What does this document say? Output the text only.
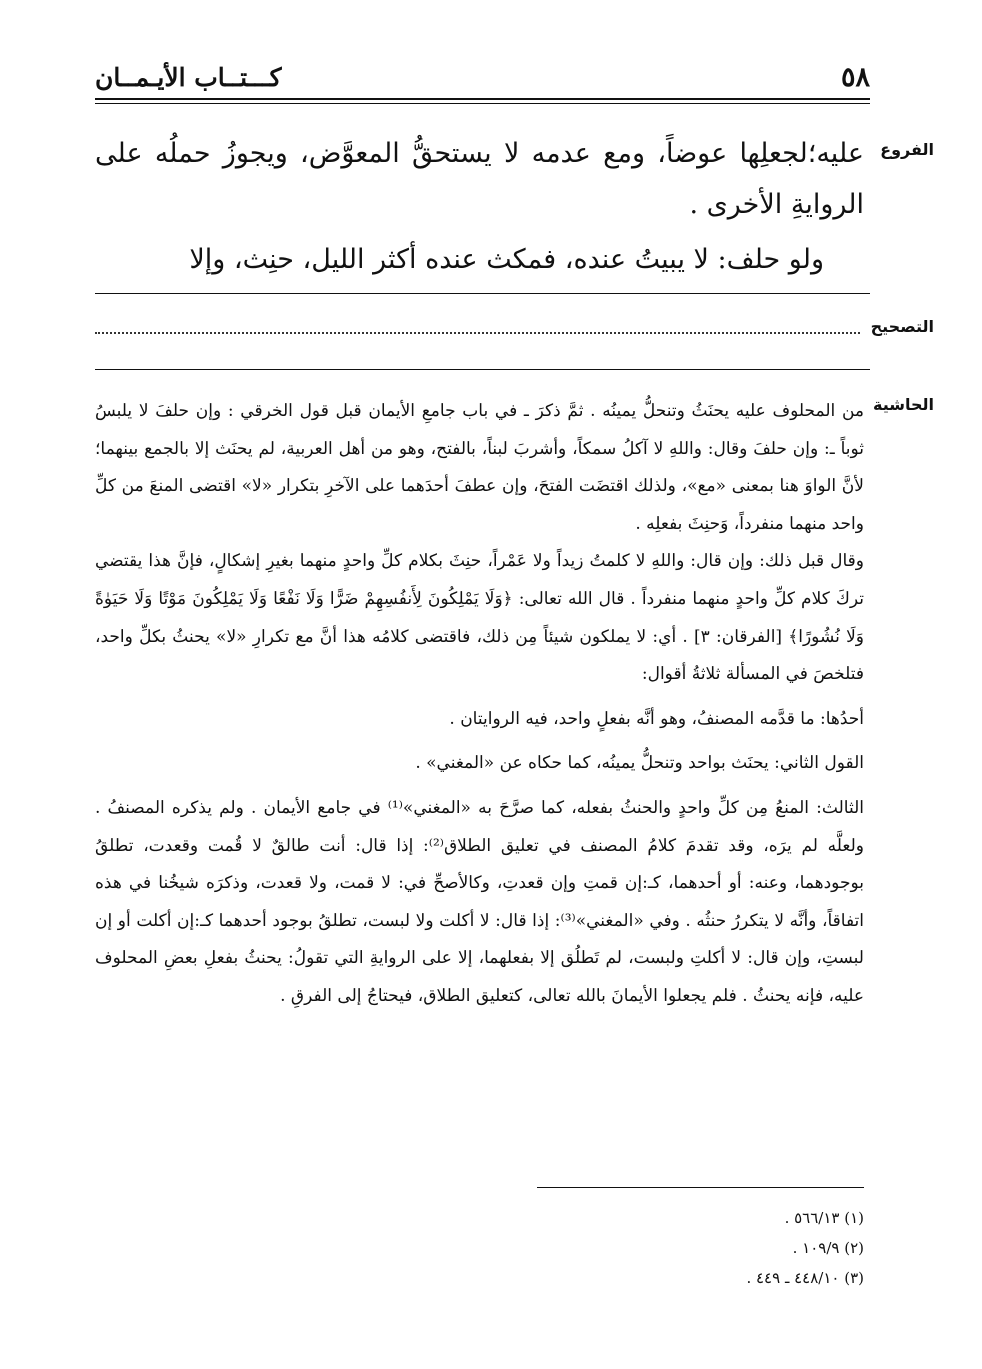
٥٨
كـــتــاب الأيـمــان
الفروع

عليه؛لجعلِها عوضاً، ومع عدمه لا يستحقُّ المعوَّض، ويجوزُ حملُه على الروايةِ الأخرى .

ولو حلف: لا يبيتُ عنده، فمكث عنده أكثر الليل، حنِث، وإلا

التصحيح
الحاشية

من المحلوف عليه يحنَثُ وتنحلُّ يمينُه . ثمَّ ذكرَ ـ في باب جامعِ الأيمان قبل قول الخرقي : وإن حلفَ لا يلبسُ ثوباً ـ: وإن حلفَ وقال: واللهِ لا آكلُ سمكاً، وأشربَ لبناً، بالفتح، وهو من أهل العربية، لم يحنَث إلا بالجمع بينهما؛ لأنَّ الواوَ هنا بمعنى «مع»، ولذلك اقتضَت الفتحَ، وإن عطفَ أحدَهما على الآخرِ بتكرار «لا» اقتضى المنعَ من كلِّ واحد منهما منفرداً، وَحنِثَ بفعلِه .

وقال قبل ذلك: وإن قال: واللهِ لا كلمتُ زيداً ولا عَمْراً، حنِثَ بكلام كلِّ واحدٍ منهما بغيرِ إشكالٍ، فإنَّ هذا يقتضي تركَ كلام كلِّ واحدٍ منهما منفرداً . قال الله تعالى: ﴿وَلَا يَمْلِكُونَ لِأَنفُسِهِمْ ضَرًّا وَلَا نَفْعًا وَلَا يَمْلِكُونَ مَوْتًا وَلَا حَيَوٰةً وَلَا نُشُورًا﴾ [الفرقان: ٣] . أي: لا يملكون شيئاً مِن ذلك، فاقتضى كلامُه هذا أنَّ مع تكرارِ «لا» يحنثُ بكلِّ واحد، فتلخصَ في المسألة ثلاثةُ أقوال:

أحدُها: ما قدَّمه المصنفُ، وهو أنَّه بفعلٍ واحد، فيه الروايتان .

القول الثاني: يحنَث بواحد وتنحلُّ يمينُه، كما حكاه عن «المغني» .

الثالث: المنعُ مِن كلِّ واحدٍ والحنثُ بفعله، كما صرَّحَ به «المغني»⁽¹⁾ في جامع الأيمان . ولم يذكره المصنفُ . ولعلَّه لم يرَه، وقد تقدمَ كلامُ المصنف في تعليق الطلاق⁽²⁾: إذا قال: أنت طالقٌ لا قُمت وقعدت، تطلقُ بوجودهما، وعنه: أو أحدهما، كـ:إن قمتِ وإن قعدتِ، وكالأصحِّ في: لا قمت، ولا قعدت، وذكرَه شيخُنا في هذه اتفاقاً، وأنَّه لا يتكررُ حنثُه . وفي «المغني»⁽³⁾: إذا قال: لا أكلت ولا لبست، تطلقُ بوجود أحدهما كـ:إن أكلت أو إن لبستِ، وإن قال: لا أكلتِ ولبست، لم تَطلُق إلا بفعلهما، إلا على الروايةِ التي تقولُ: يحنثُ بفعلِ بعضِ المحلوف عليه، فإنه يحنثُ . فلم يجعلوا الأيمانَ بالله تعالى، كتعليق الطلاق، فيحتاجُ إلى الفرقِ .

(١) ٥٦٦/١٣ .
(٢) ١٠٩/٩ .
(٣) ٤٤٨/١٠ ـ ٤٤٩ .
